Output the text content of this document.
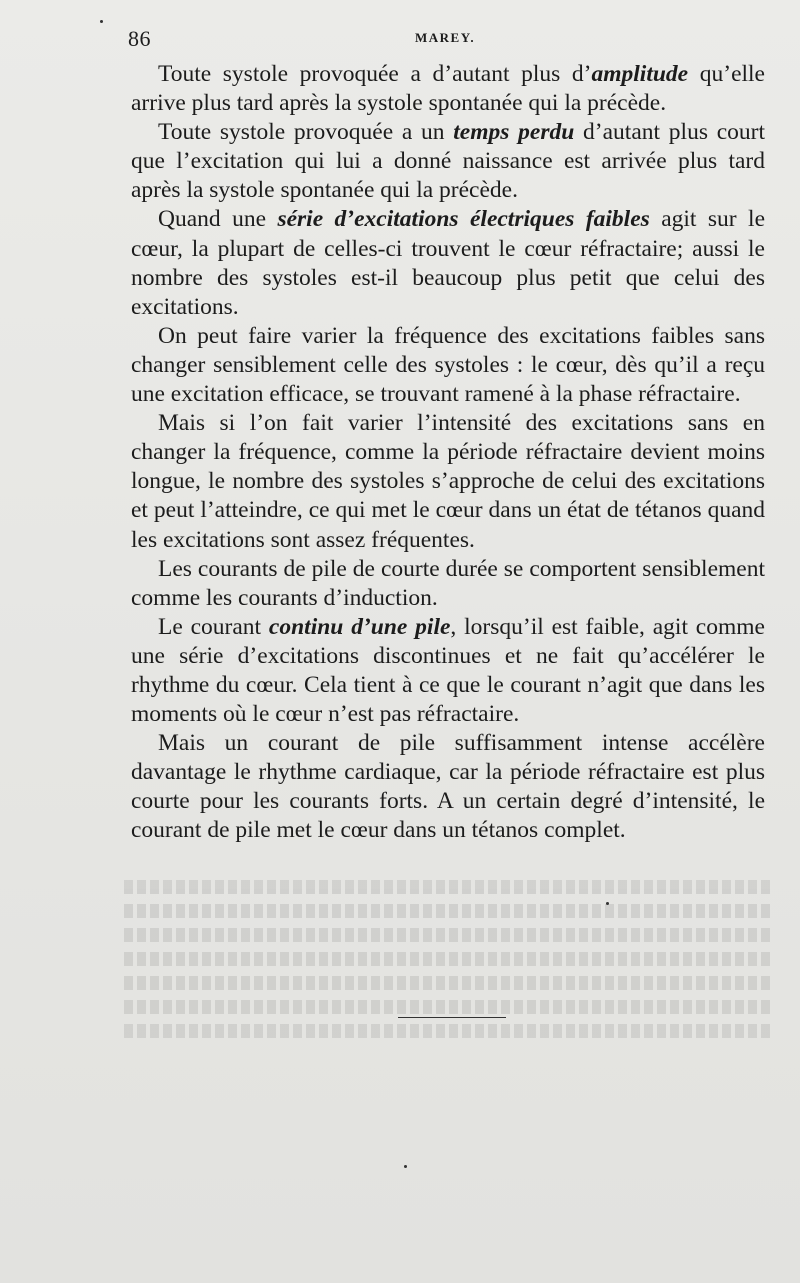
86	MAREY.

Toute systole provoquée a d’autant plus d’amplitude qu’elle arrive plus tard après la systole spontanée qui la précède.

Toute systole provoquée a un temps perdu d’autant plus court que l’excitation qui lui a donné naissance est arrivée plus tard après la systole spontanée qui la précède.

Quand une série d’excitations électriques faibles agit sur le cœur, la plupart de celles-ci trouvent le cœur réfractaire; aussi le nombre des systoles est-il beaucoup plus petit que celui des excitations.

On peut faire varier la fréquence des excitations faibles sans changer sensiblement celle des systoles : le cœur, dès qu’il a reçu une excitation efficace, se trouvant ramené à la phase réfractaire.

Mais si l’on fait varier l’intensité des excitations sans en changer la fréquence, comme la période réfractaire devient moins longue, le nombre des systoles s’approche de celui des excitations et peut l’atteindre, ce qui met le cœur dans un état de tétanos quand les excitations sont assez fréquentes.

Les courants de pile de courte durée se comportent sensiblement comme les courants d’induction.

Le courant continu d’une pile, lorsqu’il est faible, agit comme une série d’excitations discontinues et ne fait qu’accélérer le rhythme du cœur. Cela tient à ce que le courant n’agit que dans les moments où le cœur n’est pas réfractaire.

Mais un courant de pile suffisamment intense accélère davantage le rhythme cardiaque, car la période réfractaire est plus courte pour les courants forts. A un certain degré d’intensité, le courant de pile met le cœur dans un tétanos complet.
